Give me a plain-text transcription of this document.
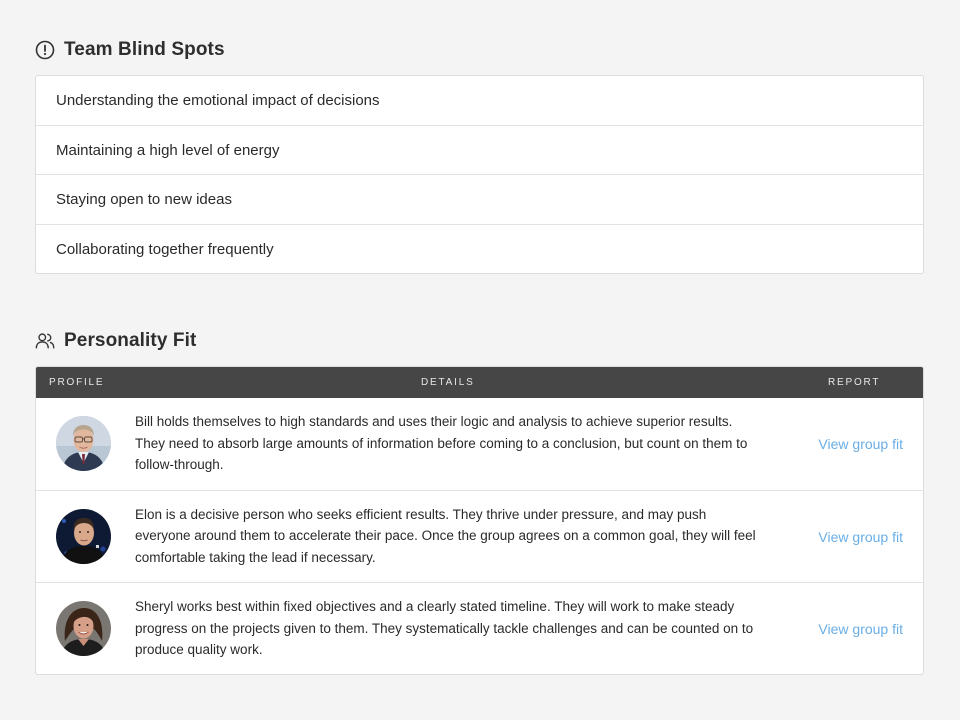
Team Blind Spots
Understanding the emotional impact of decisions
Maintaining a high level of energy
Staying open to new ideas
Collaborating together frequently
Personality Fit
PROFILE	DETAILS	REPORT
Bill holds themselves to high standards and uses their logic and analysis to achieve superior results. They need to absorb large amounts of information before coming to a conclusion, but count on them to follow-through.
View group fit
Elon is a decisive person who seeks efficient results. They thrive under pressure, and may push everyone around them to accelerate their pace. Once the group agrees on a common goal, they will feel comfortable taking the lead if necessary.
View group fit
Sheryl works best within fixed objectives and a clearly stated timeline. They will work to make steady progress on the projects given to them. They systematically tackle challenges and can be counted on to produce quality work.
View group fit
